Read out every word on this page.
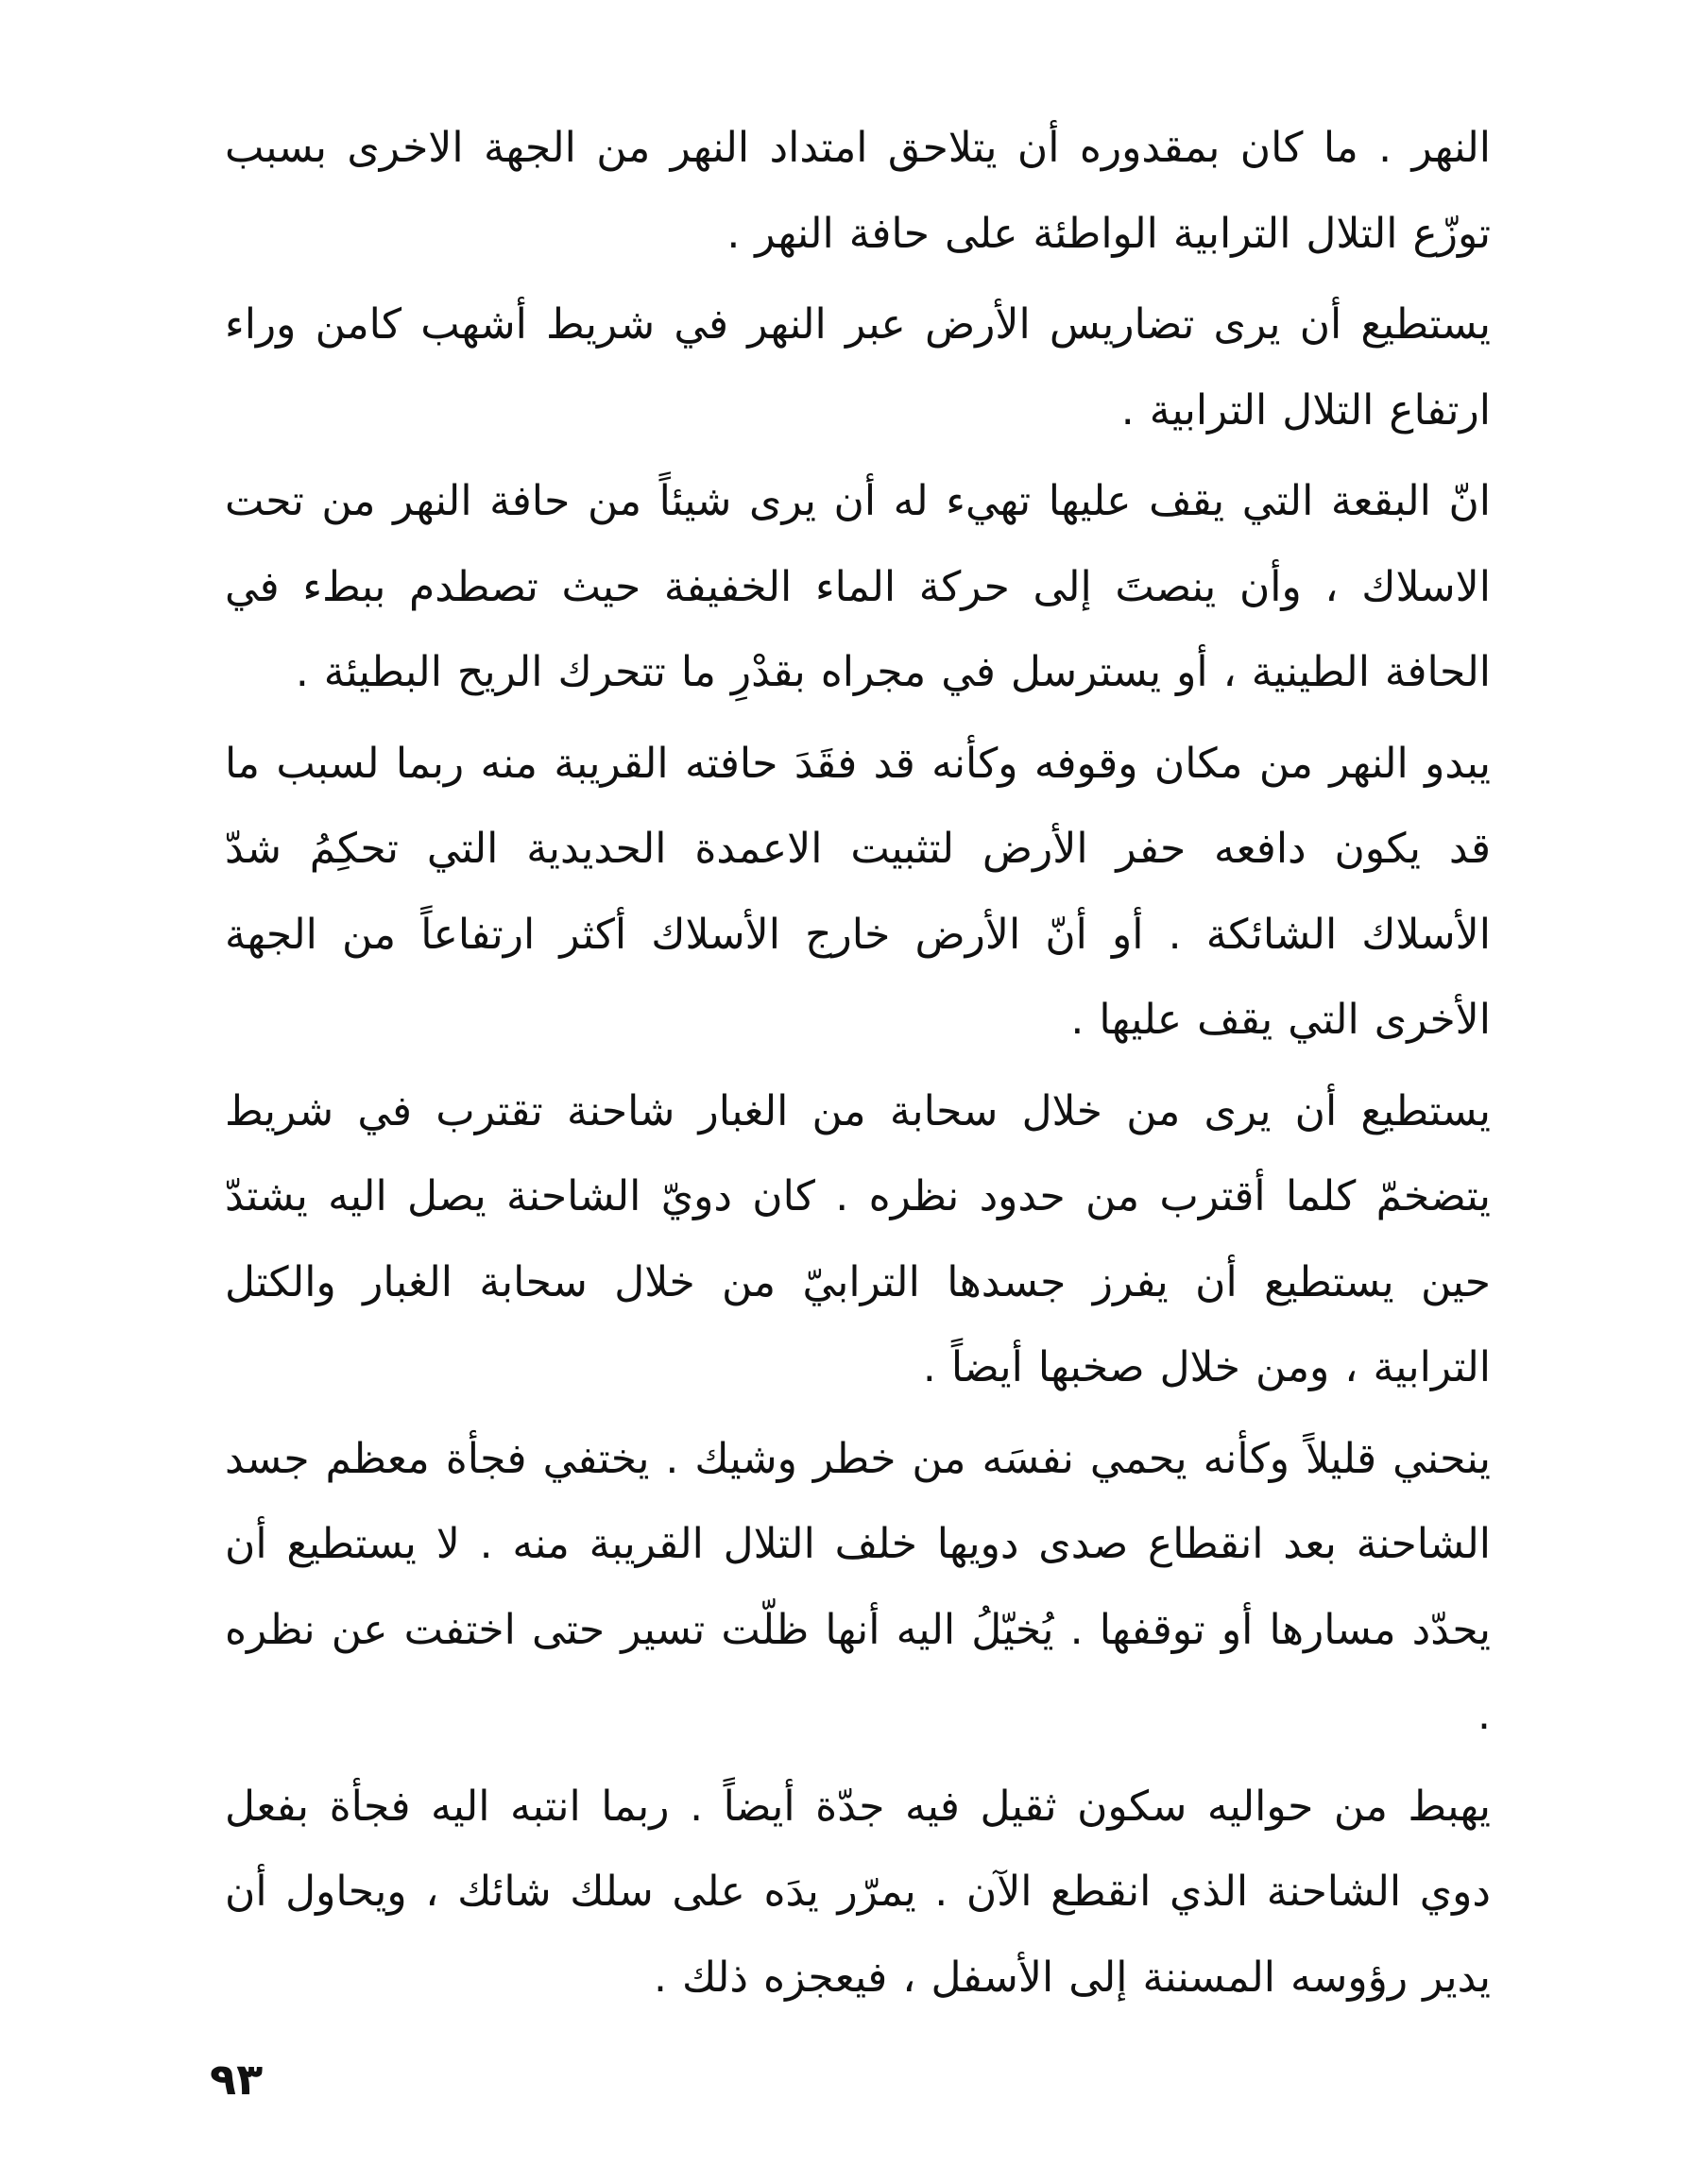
النهر . ما كان بمقدوره أن يتلاحق امتداد النهر من الجهة الاخرى بسبب توزّع التلال الترابية الواطئة على حافة النهر .

يستطيع أن يرى تضاريس الأرض عبر النهر في شريط أشهب كامن وراء ارتفاع التلال الترابية .

انّ البقعة التي يقف عليها تهيء له أن يرى شيئاً من حافة النهر من تحت الاسلاك ، وأن ينصتَ إلى حركة الماء الخفيفة حيث تصطدم ببطء في الحافة الطينية ، أو يسترسل في مجراه بقدْرِ ما تتحرك الريح البطيئة .

يبدو النهر من مكان وقوفه وكأنه قد فقَدَ حافته القريبة منه ربما لسبب ما قد يكون دافعه حفر الأرض لتثبيت الاعمدة الحديدية التي تحكِمُ شدّ الأسلاك الشائكة . أو أنّ الأرض خارج الأسلاك أكثر ارتفاعاً من الجهة الأخرى التي يقف عليها .

يستطيع أن يرى من خلال سحابة من الغبار شاحنة تقترب في شريط يتضخمّ كلما أقترب من حدود نظره . كان دويّ الشاحنة يصل اليه يشتدّ حين يستطيع أن يفرز جسدها الترابيّ من خلال سحابة الغبار والكتل الترابية ، ومن خلال صخبها أيضاً .

ينحني قليلاً وكأنه يحمي نفسَه من خطر وشيك . يختفي فجأة معظم جسد الشاحنة بعد انقطاع صدى دويها خلف التلال القريبة منه . لا يستطيع أن يحدّد مسارها أو توقفها . يُخيّلُ اليه أنها ظلّت تسير حتى اختفت عن نظره .

يهبط من حواليه سكون ثقيل فيه جدّة أيضاً . ربما انتبه اليه فجأة بفعل دوي الشاحنة الذي انقطع الآن . يمرّر يدَه على سلك شائك ، ويحاول أن يدير رؤوسه المسننة إلى الأسفل ، فيعجزه ذلك .

٩٣
